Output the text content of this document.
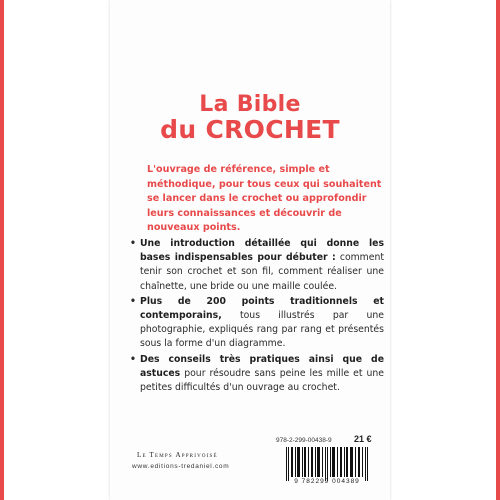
La Bible
du CROCHET
L'ouvrage de référence, simple et méthodique, pour tous ceux qui souhaitent se lancer dans le crochet ou approfondir leurs connaissances et découvrir de nouveaux points.
• Une introduction détaillée qui donne les bases indispensables pour débuter : comment tenir son crochet et son fil, comment réaliser une chaînette, une bride ou une maille coulée.
• Plus de 200 points traditionnels et contemporains, tous illustrés par une photographie, expliqués rang par rang et présentés sous la forme d'un diagramme.
• Des conseils très pratiques ainsi que de astuces pour résoudre sans peine les mille et une petites difficultés d'un ouvrage au crochet.
978-2-299-00438-9 21 €
Le Temps Apprivoisé
www.editions-tredaniel.com
9 782299 004389
